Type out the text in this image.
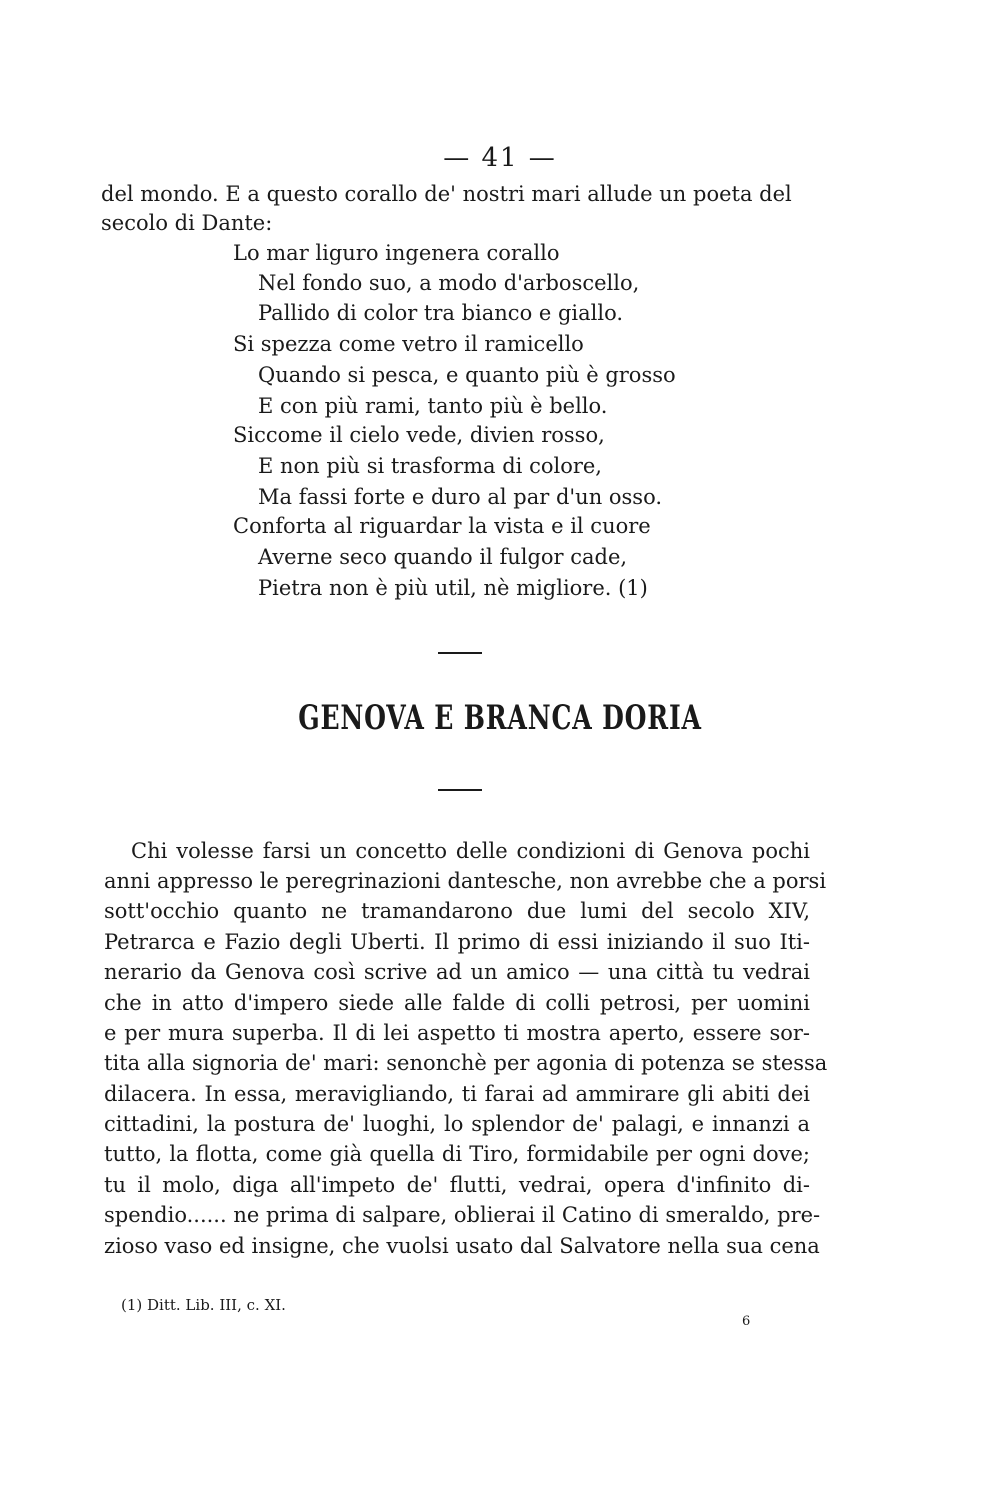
— 41 —
del mondo. E a questo corallo de' nostri mari allude un poeta del
secolo di Dante:
Lo mar liguro ingenera corallo
Nel fondo suo, a modo d'arboscello,
Pallido di color tra bianco e giallo.
Si spezza come vetro il ramicello
Quando si pesca, e quanto più è grosso
E con più rami, tanto più è bello.
Siccome il cielo vede, divien rosso,
E non più si trasforma di colore,
Ma fassi forte e duro al par d'un osso.
Conforta al riguardar la vista e il cuore
Averne seco quando il fulgor cade,
Pietra non è più util, nè migliore. (1)
GENOVA E BRANCA DORIA
Chi volesse farsi un concetto delle condizioni di Genova pochi
anni appresso le peregrinazioni dantesche, non avrebbe che a porsi
sott'occhio quanto ne tramandarono due lumi del secolo XIV,
Petrarca e Fazio degli Uberti. Il primo di essi iniziando il suo Iti-
nerario da Genova così scrive ad un amico — una città tu vedrai
che in atto d'impero siede alle falde di colli petrosi, per uomini
e per mura superba. Il di lei aspetto ti mostra aperto, essere sor-
tita alla signoria de' mari: senonchè per agonia di potenza se stessa
dilacera. In essa, meravigliando, ti farai ad ammirare gli abiti dei
cittadini, la postura de' luoghi, lo splendor de' palagi, e innanzi a
tutto, la flotta, come già quella di Tiro, formidabile per ogni dove;
tu il molo, diga all'impeto de' flutti, vedrai, opera d'infinito di-
spendio...... ne prima di salpare, oblierai il Catino di smeraldo, pre-
zioso vaso ed insigne, che vuolsi usato dal Salvatore nella sua cena
(1) Ditt. Lib. III, c. XI.
6
